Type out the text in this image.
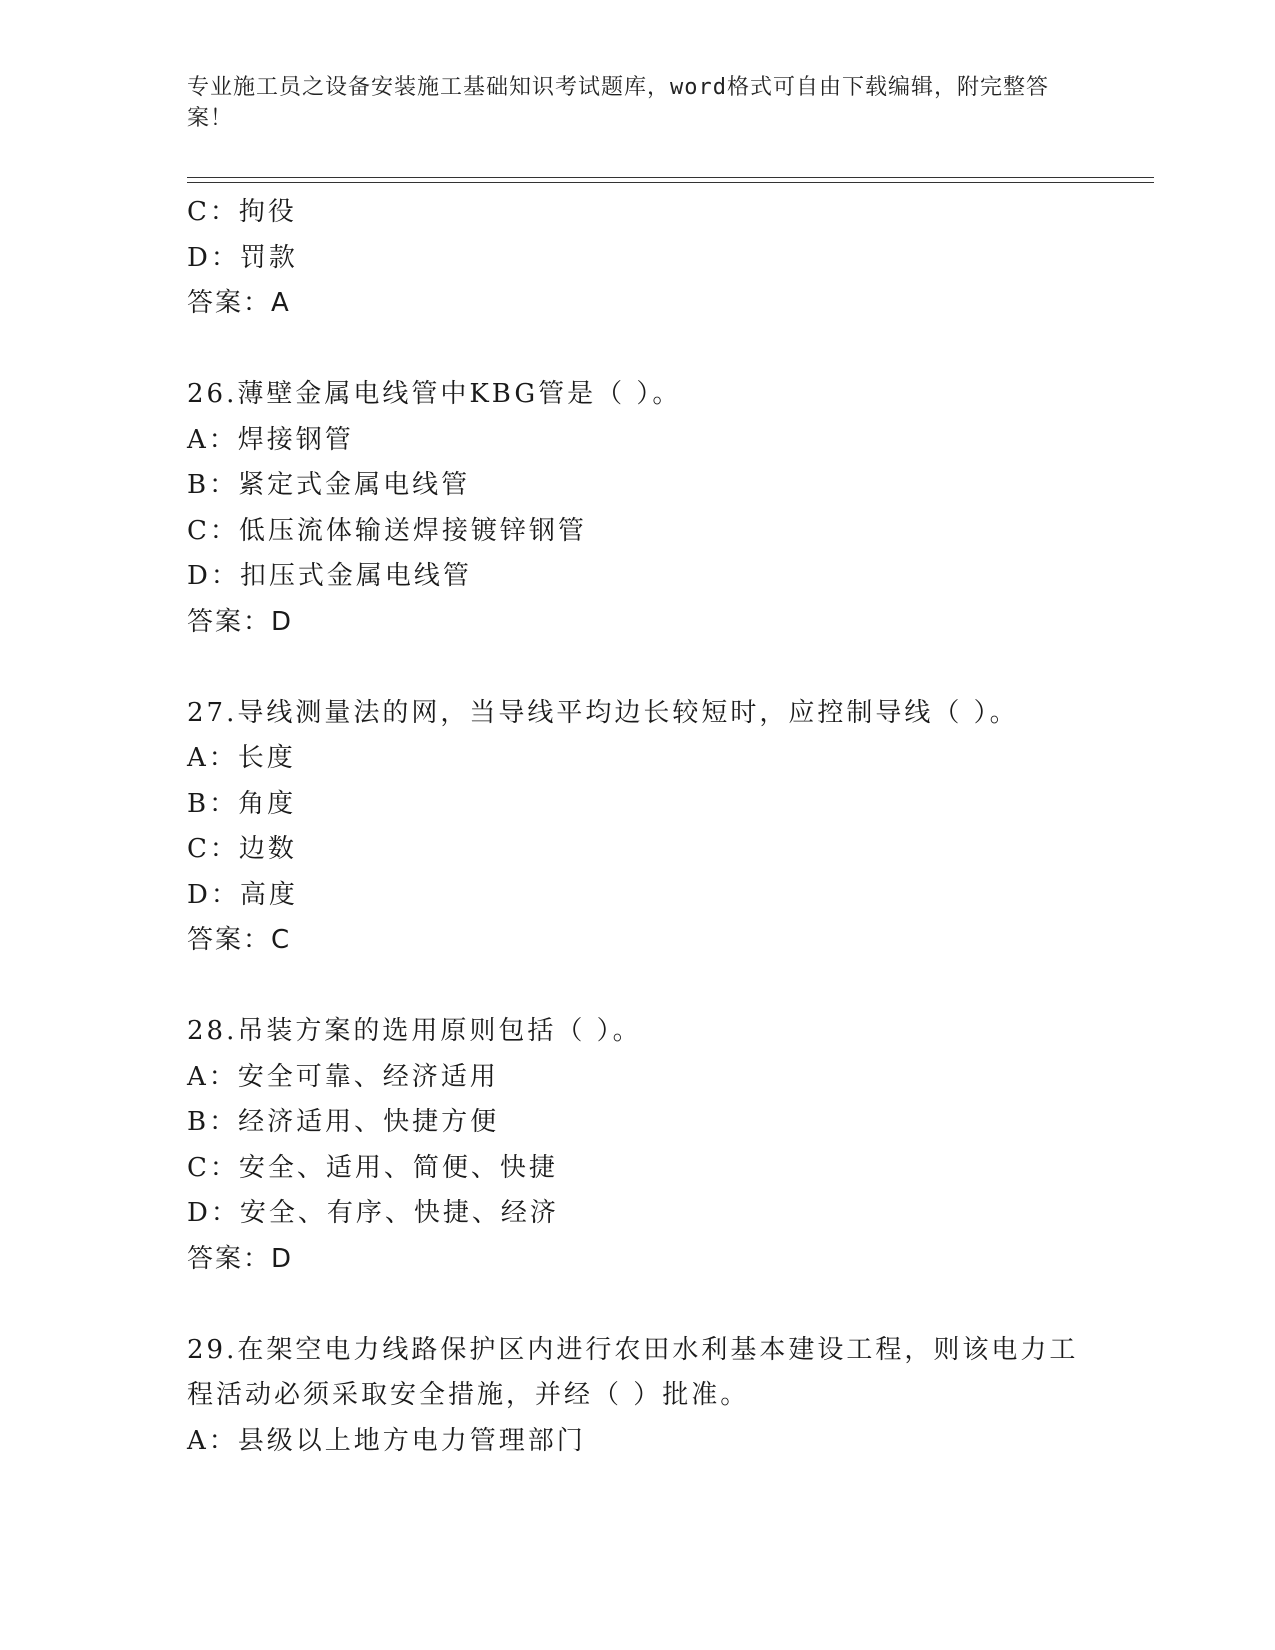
专业施工员之设备安装施工基础知识考试题库，word格式可自由下载编辑，附完整答案！
C：拘役
D：罚款
答案：A
26.薄壁金属电线管中KBG管是（ ）。
A：焊接钢管
B：紧定式金属电线管
C：低压流体输送焊接镀锌钢管
D：扣压式金属电线管
答案：D
27.导线测量法的网，当导线平均边长较短时，应控制导线（ ）。
A：长度
B：角度
C：边数
D：高度
答案：C
28.吊装方案的选用原则包括（ ）。
A：安全可靠、经济适用
B：经济适用、快捷方便
C：安全、适用、简便、快捷
D：安全、有序、快捷、经济
答案：D
29.在架空电力线路保护区内进行农田水利基本建设工程，则该电力工
程活动必须采取安全措施，并经（ ）批准。
A：县级以上地方电力管理部门
